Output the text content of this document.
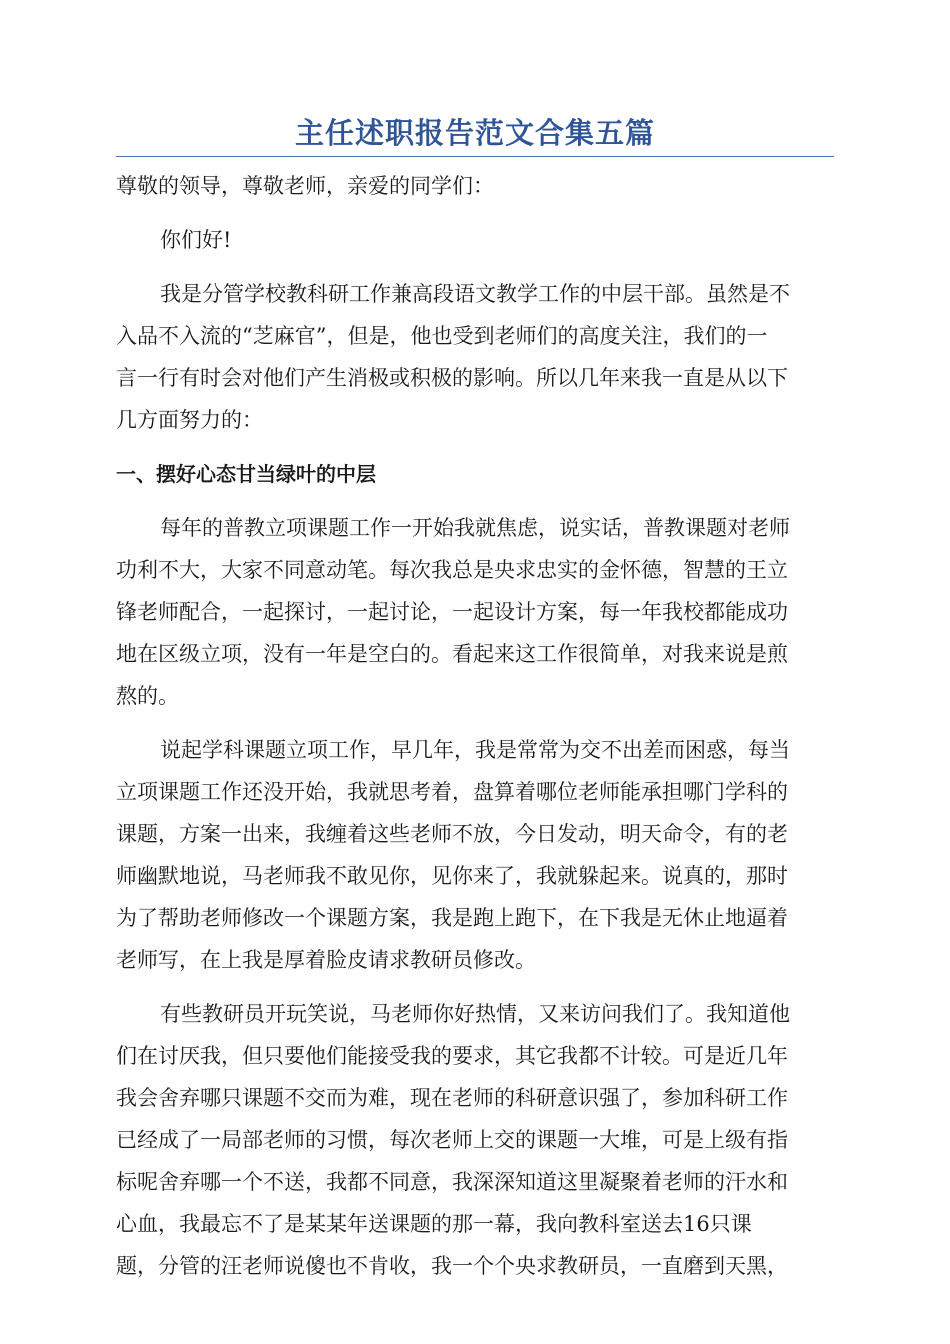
主任述职报告范文合集五篇

尊敬的领导，尊敬老师，亲爱的同学们：

你们好!

我是分管学校教科研工作兼高段语文教学工作的中层干部。虽然是不

入品不入流的“芝麻官”，但是，他也受到老师们的高度关注，我们的一

言一行有时会对他们产生消极或积极的影响。所以几年来我一直是从以下

几方面努力的：

一、摆好心态甘当绿叶的中层

每年的普教立项课题工作一开始我就焦虑，说实话，普教课题对老师

功利不大，大家不同意动笔。每次我总是央求忠实的金怀德，智慧的王立

锋老师配合，一起探讨，一起讨论，一起设计方案，每一年我校都能成功

地在区级立项，没有一年是空白的。看起来这工作很简单，对我来说是煎

熬的。

说起学科课题立项工作，早几年，我是常常为交不出差而困惑，每当

立项课题工作还没开始，我就思考着，盘算着哪位老师能承担哪门学科的

课题，方案一出来，我缠着这些老师不放，今日发动，明天命令，有的老

师幽默地说，马老师我不敢见你，见你来了，我就躲起来。说真的，那时

为了帮助老师修改一个课题方案，我是跑上跑下，在下我是无休止地逼着

老师写，在上我是厚着脸皮请求教研员修改。

有些教研员开玩笑说，马老师你好热情，又来访问我们了。我知道他

们在讨厌我，但只要他们能接受我的要求，其它我都不计较。可是近几年

我会舍弃哪只课题不交而为难，现在老师的科研意识强了，参加科研工作

已经成了一局部老师的习惯，每次老师上交的课题一大堆，可是上级有指

标呢舍弃哪一个不送，我都不同意，我深深知道这里凝聚着老师的汗水和

心血，我最忘不了是某某年送课题的那一幕，我向教科室送去16只课

题，分管的汪老师说傻也不肯收，我一个个央求教研员，一直磨到天黑，
